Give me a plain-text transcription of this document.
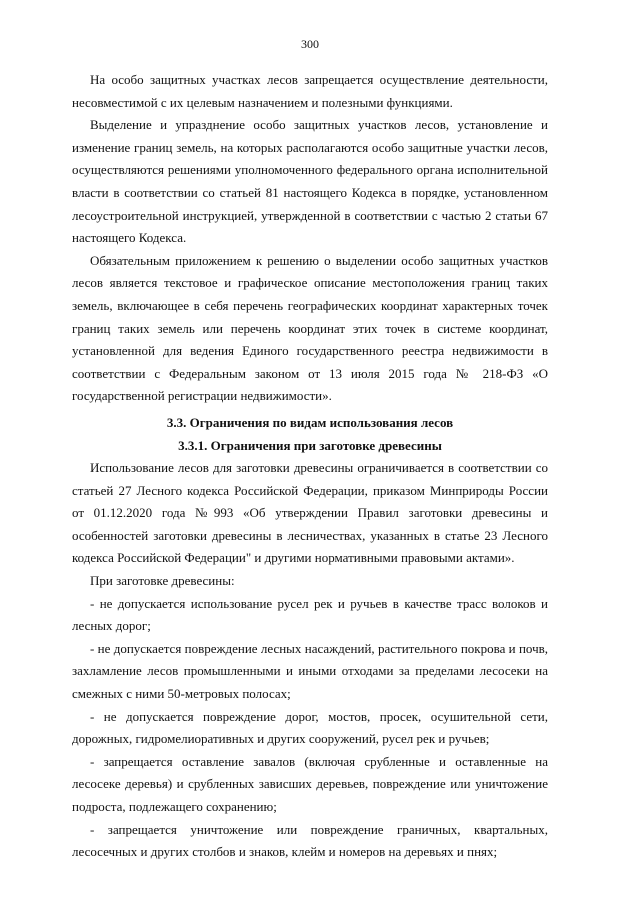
300

На особо защитных участках лесов запрещается осуществление деятельности, несовместимой с их целевым назначением и полезными функциями.

Выделение и упразднение особо защитных участков лесов, установление и изменение границ земель, на которых располагаются особо защитные участки лесов, осуществляются решениями уполномоченного федерального органа исполнительной власти в соответствии со статьей 81 настоящего Кодекса в порядке, установленном лесоустроительной инструкцией, утвержденной в соответствии с частью 2 статьи 67 настоящего Кодекса.

Обязательным приложением к решению о выделении особо защитных участков лесов является текстовое и графическое описание местоположения границ таких земель, включающее в себя перечень географических координат характерных точек границ таких земель или перечень координат этих точек в системе координат, установленной для ведения Единого государственного реестра недвижимости в соответствии с Федеральным законом от 13 июля 2015 года № 218-ФЗ «О государственной регистрации недвижимости».

3.3. Ограничения по видам использования лесов

3.3.1. Ограничения при заготовке древесины

Использование лесов для заготовки древесины ограничивается в соответствии со статьей 27 Лесного кодекса Российской Федерации, приказом Минприроды России от 01.12.2020 года №993 «Об утверждении Правил заготовки древесины и особенностей заготовки древесины в лесничествах, указанных в статье 23 Лесного кодекса Российской Федерации" и другими нормативными правовыми актами».

При заготовке древесины:

- не допускается использование русел рек и ручьев в качестве трасс волоков и лесных дорог;

- не допускается повреждение лесных насаждений, растительного покрова и почв, захламление лесов промышленными и иными отходами за пределами лесосеки на смежных с ними 50-метровых полосах;

- не допускается повреждение дорог, мостов, просек, осушительной сети, дорожных, гидромелиоративных и других сооружений, русел рек и ручьев;

- запрещается оставление завалов (включая срубленные и оставленные на лесосеке деревья) и срубленных зависших деревьев, повреждение или уничтожение подроста, подлежащего сохранению;

- запрещается уничтожение или повреждение граничных, квартальных, лесосечных и других столбов и знаков, клейм и номеров на деревьях и пнях;
